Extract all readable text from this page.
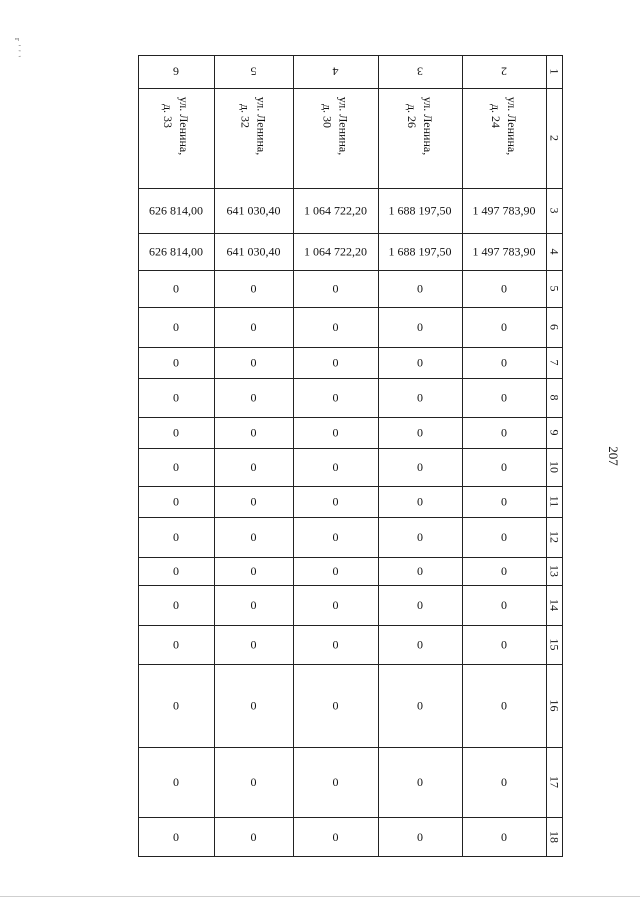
r ' ' '
207
1
2
3
4
5
6
7
8
9
10
11
12
13
14
15
16
17
18
2
ул. Ленина,
д. 24
1 497 783,90
1 497 783,90
0
0
0
0
0
0
0
0
0
0
0
0
0
0
3
ул. Ленина,
д. 26
1 688 197,50
1 688 197,50
0
0
0
0
0
0
0
0
0
0
0
0
0
0
4
ул. Ленина,
д. 30
1 064 722,20
1 064 722,20
0
0
0
0
0
0
0
0
0
0
0
0
0
0
5
ул. Ленина,
д. 32
641 030,40
641 030,40
0
0
0
0
0
0
0
0
0
0
0
0
0
0
6
ул. Ленина,
д. 33
626 814,00
626 814,00
0
0
0
0
0
0
0
0
0
0
0
0
0
0
